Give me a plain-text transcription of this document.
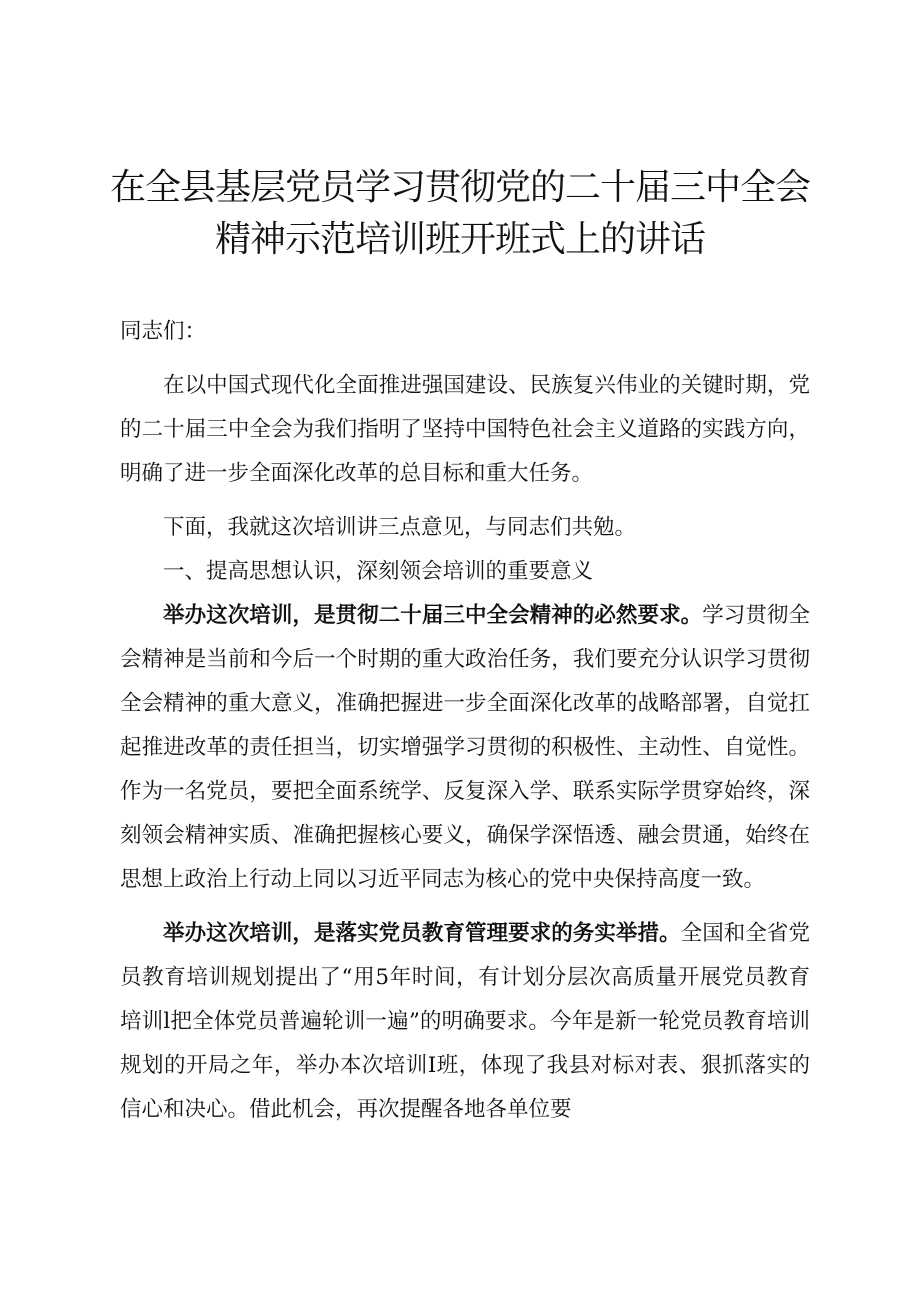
在全县基层党员学习贯彻党的二十届三中全会
精神示范培训班开班式上的讲话

同志们：

在以中国式现代化全面推进强国建设、民族复兴伟业的关键时期，党的二十届三中全会为我们指明了坚持中国特色社会主义道路的实践方向，明确了进一步全面深化改革的总目标和重大任务。

下面，我就这次培训讲三点意见，与同志们共勉。

一、提高思想认识，深刻领会培训的重要意义

举办这次培训，是贯彻二十届三中全会精神的必然要求。学习贯彻全会精神是当前和今后一个时期的重大政治任务，我们要充分认识学习贯彻全会精神的重大意义，准确把握进一步全面深化改革的战略部署，自觉扛起推进改革的责任担当，切实增强学习贯彻的积极性、主动性、自觉性。作为一名党员，要把全面系统学、反复深入学、联系实际学贯穿始终，深刻领会精神实质、准确把握核心要义，确保学深悟透、融会贯通，始终在思想上政治上行动上同以习近平同志为核心的党中央保持高度一致。

举办这次培训，是落实党员教育管理要求的务实举措。全国和全省党员教育培训规划提出了“用5年时间，有计划分层次高质量开展党员教育培训l把全体党员普遍轮训一遍”的明确要求。今年是新一轮党员教育培训规划的开局之年，举办本次培训I班，体现了我县对标对表、狠抓落实的信心和决心。借此机会，再次提醒各地各单位要
